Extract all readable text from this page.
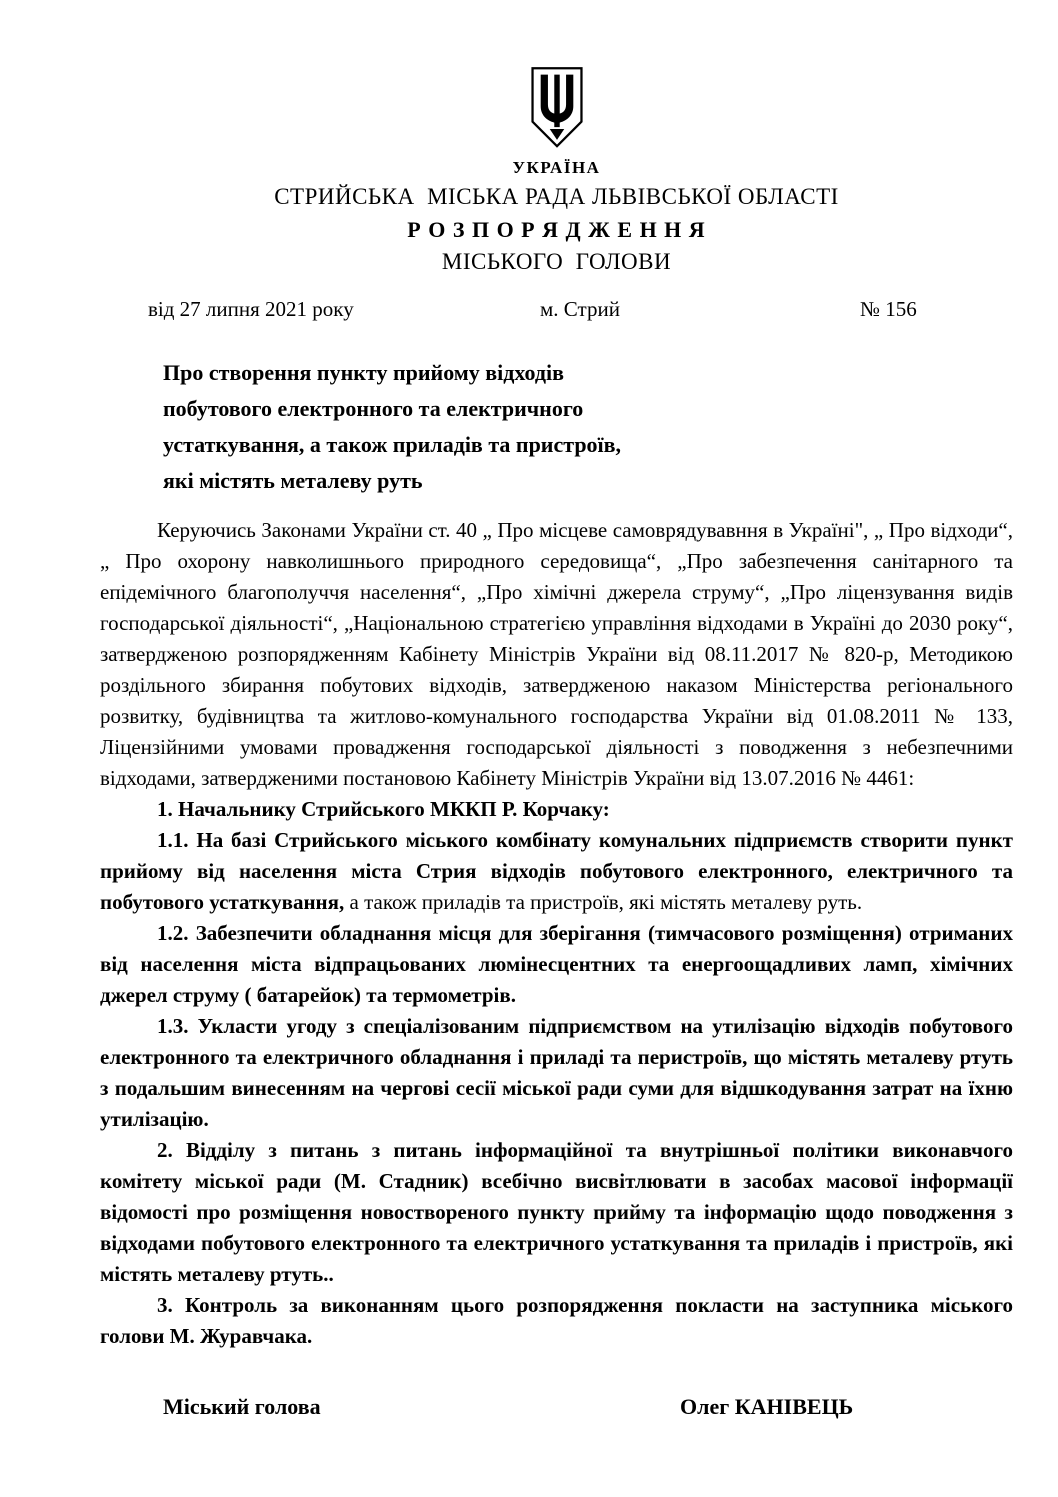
УКРАЇНА
СТРИЙСЬКА  МІСЬКА РАДА ЛЬВІВСЬКОЇ ОБЛАСТІ
Р О З П О Р Я Д Ж Е Н Н Я
МІСЬКОГО  ГОЛОВИ
від 27 липня 2021 року	м. Стрий	№ 156
Про створення пункту прийому відходів
побутового електронного та електричного
устаткування, а також приладів та пристроїв,
які містять металеву руть

Керуючись Законами України ст. 40 „ Про місцеве самоврядувавння в Україні", „ Про відходи“, „ Про охорону навколишнього природного середовища“, „Про забезпечення санітарного та епідемічного благополуччя населення“, „Про хімічні джерела струму“, „Про ліцензування видів господарської діяльності“, „Національною стратегією управління відходами в Україні до 2030 року“, затвердженою розпорядженням Кабінету Міністрів України від 08.11.2017 № 820-р, Методикою роздільного збирання побутових відходів, затвердженою наказом Міністерства регіонального розвитку, будівництва та житлово-комунального господарства України від 01.08.2011 № 133, Ліцензійними умовами провадження господарської діяльності з поводження з небезпечними відходами, затвердженими постановою Кабінету Міністрів України від 13.07.2016 № 4461:

1. Начальнику Стрийського МККП Р. Корчаку:

1.1. На базі Стрийського міського комбінату комунальних підприємств створити пункт прийому від населення міста Стрия відходів побутового електронного, електричного та побутового устаткування, а також приладів та пристроїв, які містять металеву руть.

1.2. Забезпечити обладнання місця для зберігання (тимчасового розміщення) отриманих від населення міста відпрацьованих люмінесцентних та енергоощадливих ламп, хімічних джерел струму ( батарейок) та термометрів.

1.3. Укласти угоду з спеціалізованим підприємством на утилізацію відходів побутового електронного та електричного обладнання і приладі та перистроїв, що містять металеву ртуть з подальшим винесенням на чергові сесії міської ради суми для відшкодування затрат на їхню утилізацію.

2. Відділу з питань з питань інформаційної та внутрішньої політики виконавчого комітету міської ради (М. Стадник) всебічно висвітлювати в засобах масової інформації відомості про розміщення новоствореного пункту прийму та інформацію щодо поводження з відходами побутового електронного та електричного устаткування та приладів і пристроїв, які містять металеву ртуть..

3. Контроль за виконанням цього розпорядження покласти на заступника міського голови М. Журавчака.

Міський голова	Олег КАНІВЕЦЬ
